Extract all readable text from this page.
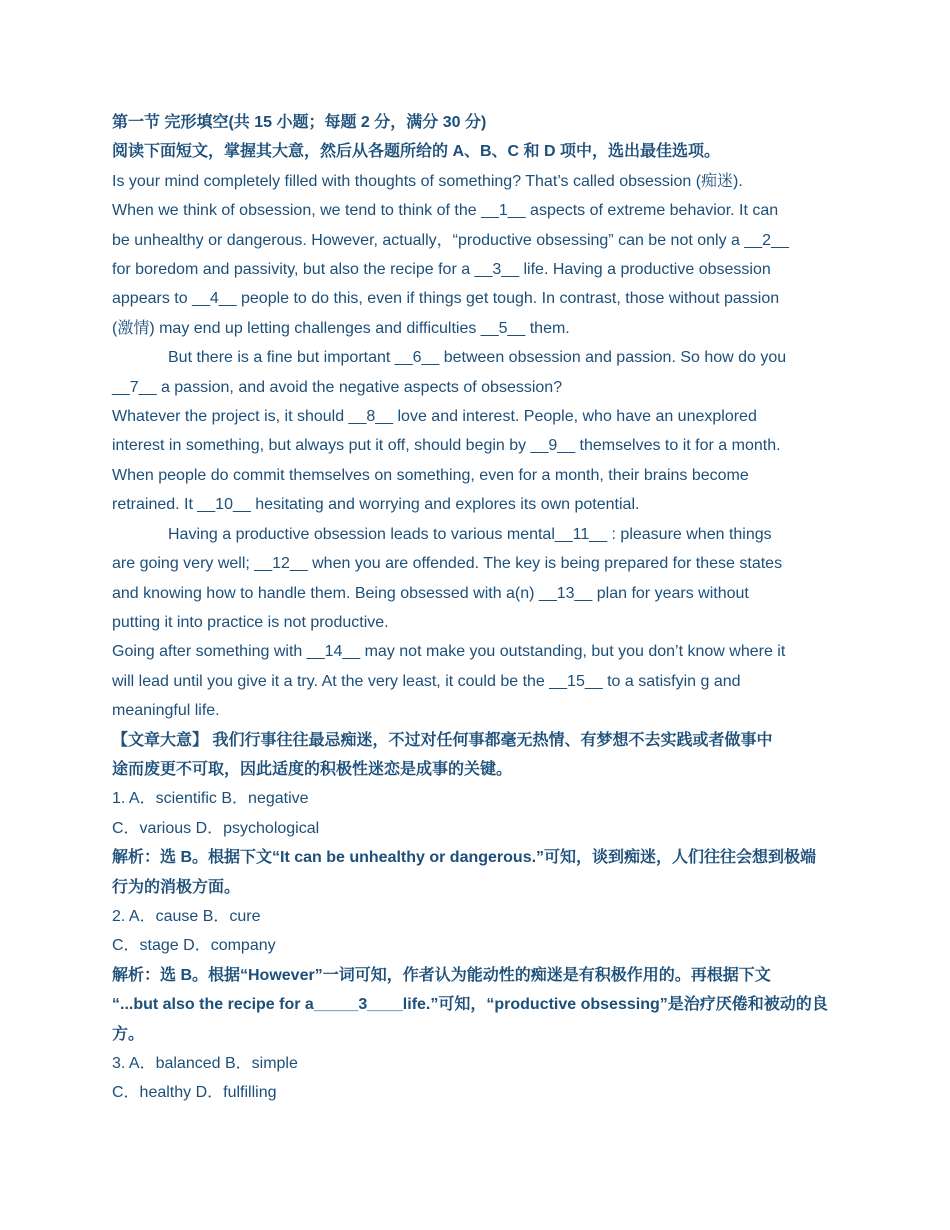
第一节 完形填空(共 15 小题；每题 2 分，满分 30 分)
阅读下面短文，掌握其大意，然后从各题所给的 A、B、C 和 D 项中，选出最佳选项。
Is your mind completely filled with thoughts of something? That’s called obsession (痴迷).
When we think of obsession, we tend to think of the __1__ aspects of extreme behavior. It can
be unhealthy or dangerous. However, actually，“productive obsessing” can be not only a __2__
for boredom and passivity, but also the recipe for a __3__ life. Having a productive obsession
appears to __4__ people to do this, even if things get tough. In contrast, those without passion
(激情) may end up letting challenges and difficulties __5__ them.
But there is a fine but important __6__ between obsession and passion. So how do you
__7__ a passion, and avoid the negative aspects of obsession?
Whatever the project is, it should __8__ love and interest. People, who have an unexplored
interest in something, but always put it off, should begin by __9__ themselves to it for a month.
When people do commit themselves on something, even for a month, their brains become
retrained. It __10__ hesitating and worrying and explores its own potential.
Having a productive obsession leads to various mental__11__ : pleasure when things
are going very well; __12__ when you are offended. The key is being prepared for these states
and knowing how to handle them. Being obsessed with a(n) __13__ plan for years without
putting it into practice is not productive.
Going after something with __14__ may not make you outstanding, but you don’t know where it
will lead until you give it a try. At the very least, it could be the __15__ to a satisfyin g and
meaningful life.
【文章大意】 我们行事往往最忌痴迷，不过对任何事都毫无热情、有梦想不去实践或者做事中
途而废更不可取，因此适度的积极性迷恋是成事的关键。
1. A．scientific B．negative
C．various D．psychological
解析：选 B。根据下文“It can be unhealthy or dangerous.”可知，谈到痴迷，人们往往会想到极端
行为的消极方面。
2. A．cause B．cure
C．stage D．company
解析：选 B。根据“However”一词可知，作者认为能动性的痴迷是有积极作用的。再根据下文
“...but also the recipe for a_____3____life.”可知，“productive obsessing”是治疗厌倦和被动的良
方。
3. A．balanced B．simple
C．healthy D．fulfilling
